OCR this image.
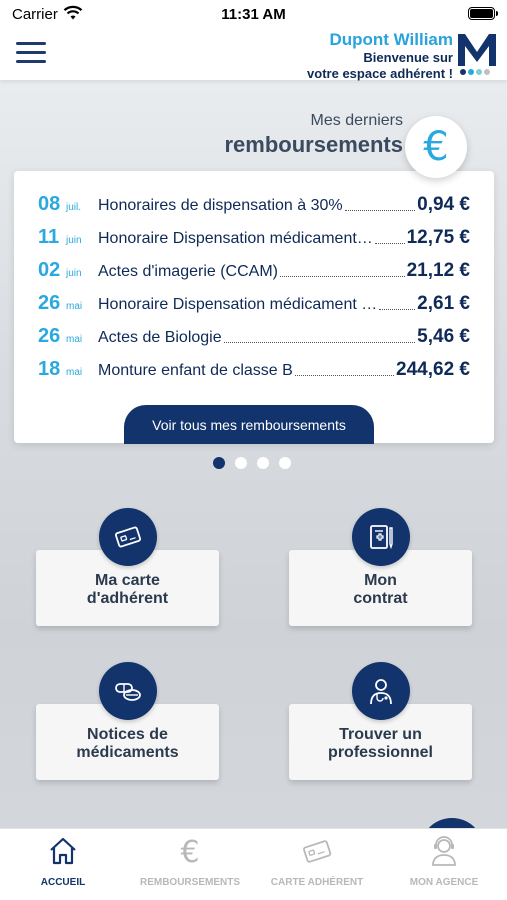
Carrier	11:31 AM
Dupont William
Bienvenue sur
votre espace adhérent !
Mes derniers
remboursements €
08 juil.	Honoraires de dispensation à 30%	0,94 €
11 juin	Honoraire Dispensation médicament… 12,75 €
02 juin	Actes d'imagerie (CCAM)	21,12 €
26 mai Honoraire Dispensation médicament … 2,61 €
26 mai Actes de Biologie	5,46 €
18 mai Monture enfant de classe B	244,62 €
Voir tous mes remboursements
Ma carte
d'adhérent
Mon
contrat
Notices de
médicaments
Trouver un
professionnel
ACCUEIL
€
REMBOURSEMENTS	CARTE ADHÉRENT	MON AGENCE
